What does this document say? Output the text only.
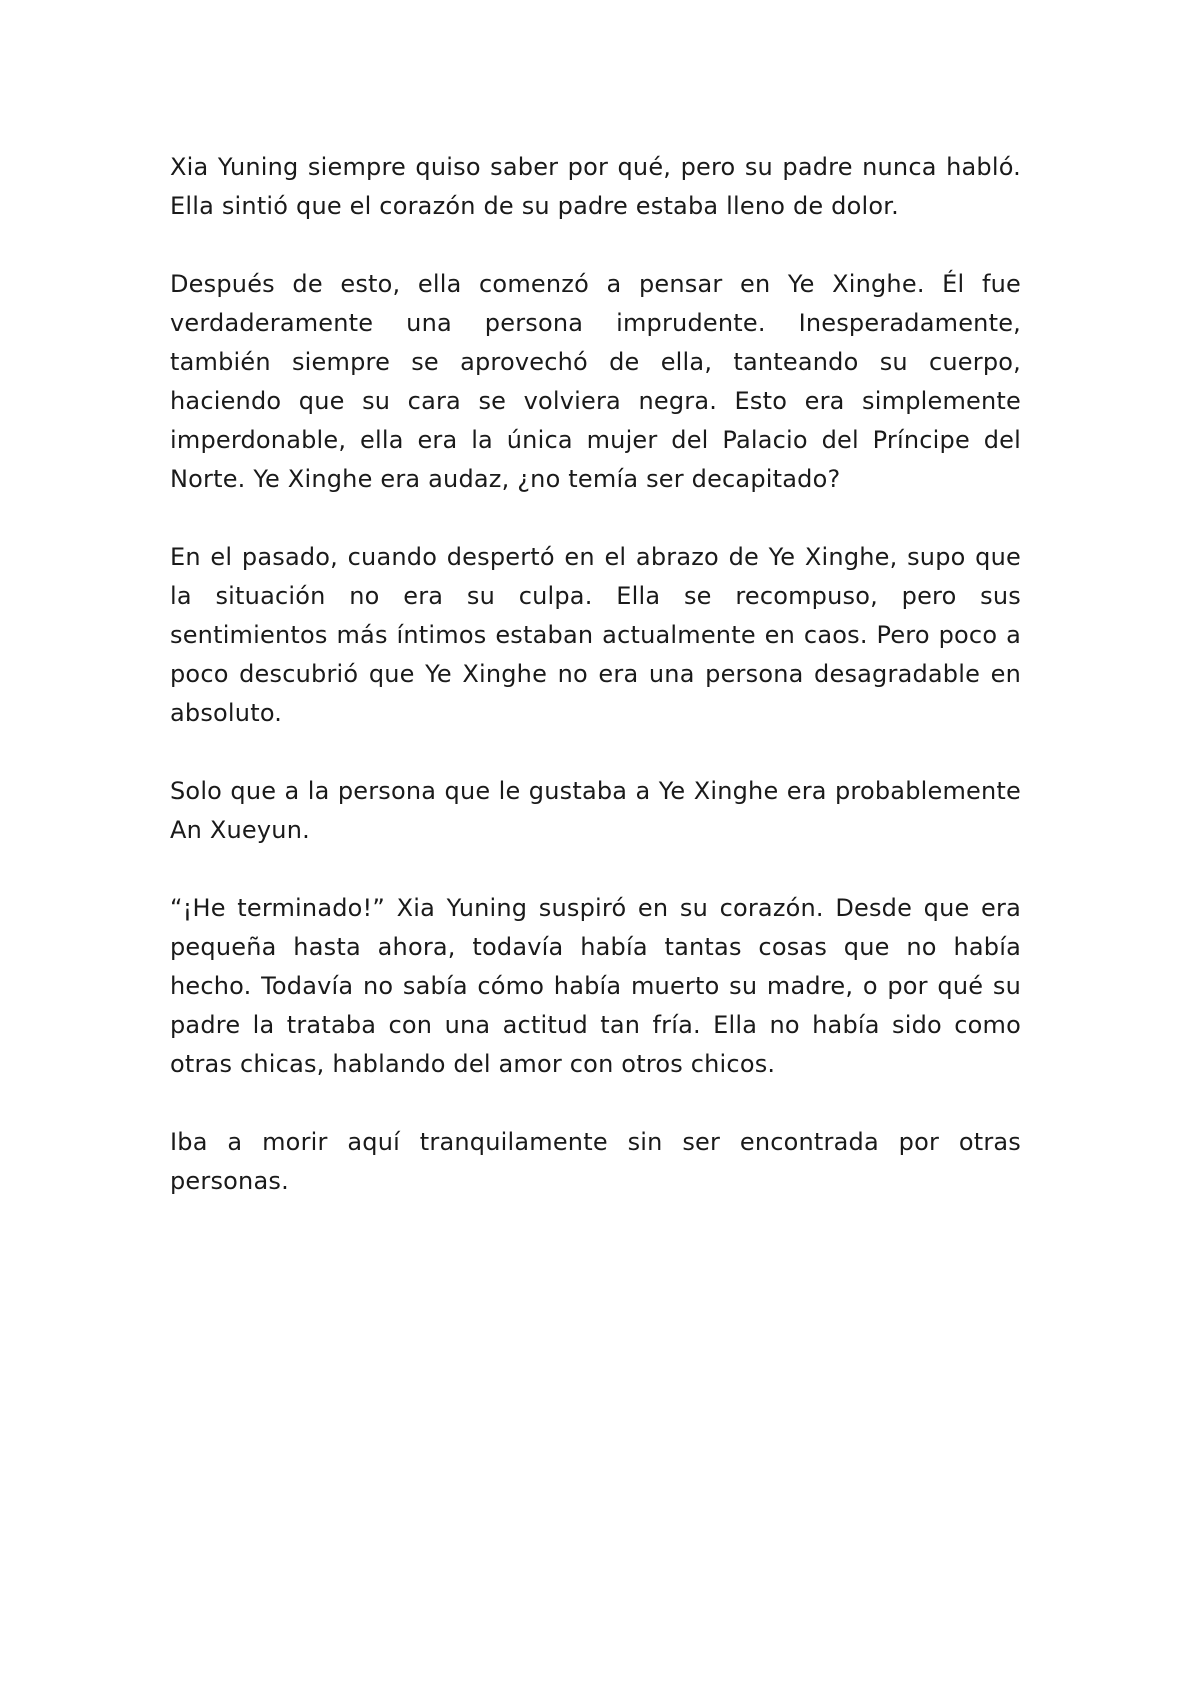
Xia Yuning siempre quiso saber por qué, pero su padre nunca habló. Ella sintió que el corazón de su padre estaba lleno de dolor.

Después de esto, ella comenzó a pensar en Ye Xinghe. Él fue verdaderamente una persona imprudente. Inesperadamente, también siempre se aprovechó de ella, tanteando su cuerpo, haciendo que su cara se volviera negra. Esto era simplemente imperdonable, ella era la única mujer del Palacio del Príncipe del Norte. Ye Xinghe era audaz, ¿no temía ser decapitado?

En el pasado, cuando despertó en el abrazo de Ye Xinghe, supo que la situación no era su culpa. Ella se recompuso, pero sus sentimientos más íntimos estaban actualmente en caos. Pero poco a poco descubrió que Ye Xinghe no era una persona desagradable en absoluto.

Solo que a la persona que le gustaba a Ye Xinghe era probablemente An Xueyun.

“¡He terminado!” Xia Yuning suspiró en su corazón. Desde que era pequeña hasta ahora, todavía había tantas cosas que no había hecho. Todavía no sabía cómo había muerto su madre, o por qué su padre la trataba con una actitud tan fría. Ella no había sido como otras chicas, hablando del amor con otros chicos.

Iba a morir aquí tranquilamente sin ser encontrada por otras personas.
